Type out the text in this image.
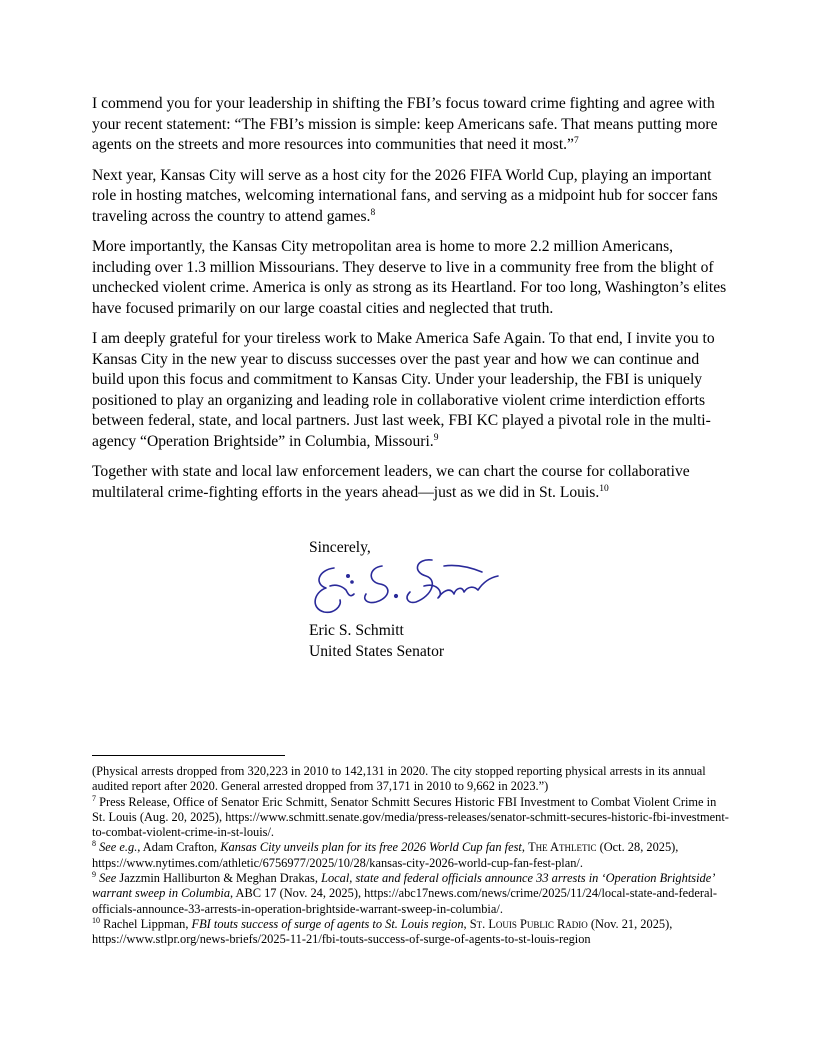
I commend you for your leadership in shifting the FBI’s focus toward crime fighting and agree with your recent statement: “The FBI’s mission is simple: keep Americans safe. That means putting more agents on the streets and more resources into communities that need it most.”$^7$

Next year, Kansas City will serve as a host city for the 2026 FIFA World Cup, playing an important role in hosting matches, welcoming international fans, and serving as a midpoint hub for soccer fans traveling across the country to attend games.$^8$

More importantly, the Kansas City metropolitan area is home to more 2.2 million Americans, including over 1.3 million Missourians. They deserve to live in a community free from the blight of unchecked violent crime. America is only as strong as its Heartland. For too long, Washington’s elites have focused primarily on our large coastal cities and neglected that truth.

I am deeply grateful for your tireless work to Make America Safe Again. To that end, I invite you to Kansas City in the new year to discuss successes over the past year and how we can continue and build upon this focus and commitment to Kansas City. Under your leadership, the FBI is uniquely positioned to play an organizing and leading role in collaborative violent crime interdiction efforts between federal, state, and local partners. Just last week, FBI KC played a pivotal role in the multi-agency “Operation Brightside” in Columbia, Missouri.$^9$

Together with state and local law enforcement leaders, we can chart the course for collaborative multilateral crime-fighting efforts in the years ahead—just as we did in St. Louis.$^{10}$

Sincerely,
Eric S. Schmitt
United States Senator

(Physical arrests dropped from 320,223 in 2010 to 142,131 in 2020. The city stopped reporting physical arrests in its annual audited report after 2020. General arrested dropped from 37,171 in 2010 to 9,662 in 2023.”)

$^7$ Press Release, Office of Senator Eric Schmitt, Senator Schmitt Secures Historic FBI Investment to Combat Violent Crime in St. Louis (Aug. 20, 2025), https://www.schmitt.senate.gov/media/press-releases/senator-schmitt-secures-historic-fbi-investment-to-combat-violent-crime-in-st-louis/.

$^8$ See e.g., Adam Crafton, Kansas City unveils plan for its free 2026 World Cup fan fest, The Athletic (Oct. 28, 2025), https://www.nytimes.com/athletic/6756977/2025/10/28/kansas-city-2026-world-cup-fan-fest-plan/.

$^9$ See Jazzmin Halliburton & Meghan Drakas, Local, state and federal officials announce 33 arrests in ‘Operation Brightside’ warrant sweep in Columbia, ABC 17 (Nov. 24, 2025), https://abc17news.com/news/crime/2025/11/24/local-state-and-federal-officials-announce-33-arrests-in-operation-brightside-warrant-sweep-in-columbia/.

$^{10}$ Rachel Lippman, FBI touts success of surge of agents to St. Louis region, St. Louis Public Radio (Nov. 21, 2025), https://www.stlpr.org/news-briefs/2025-11-21/fbi-touts-success-of-surge-of-agents-to-st-louis-region
